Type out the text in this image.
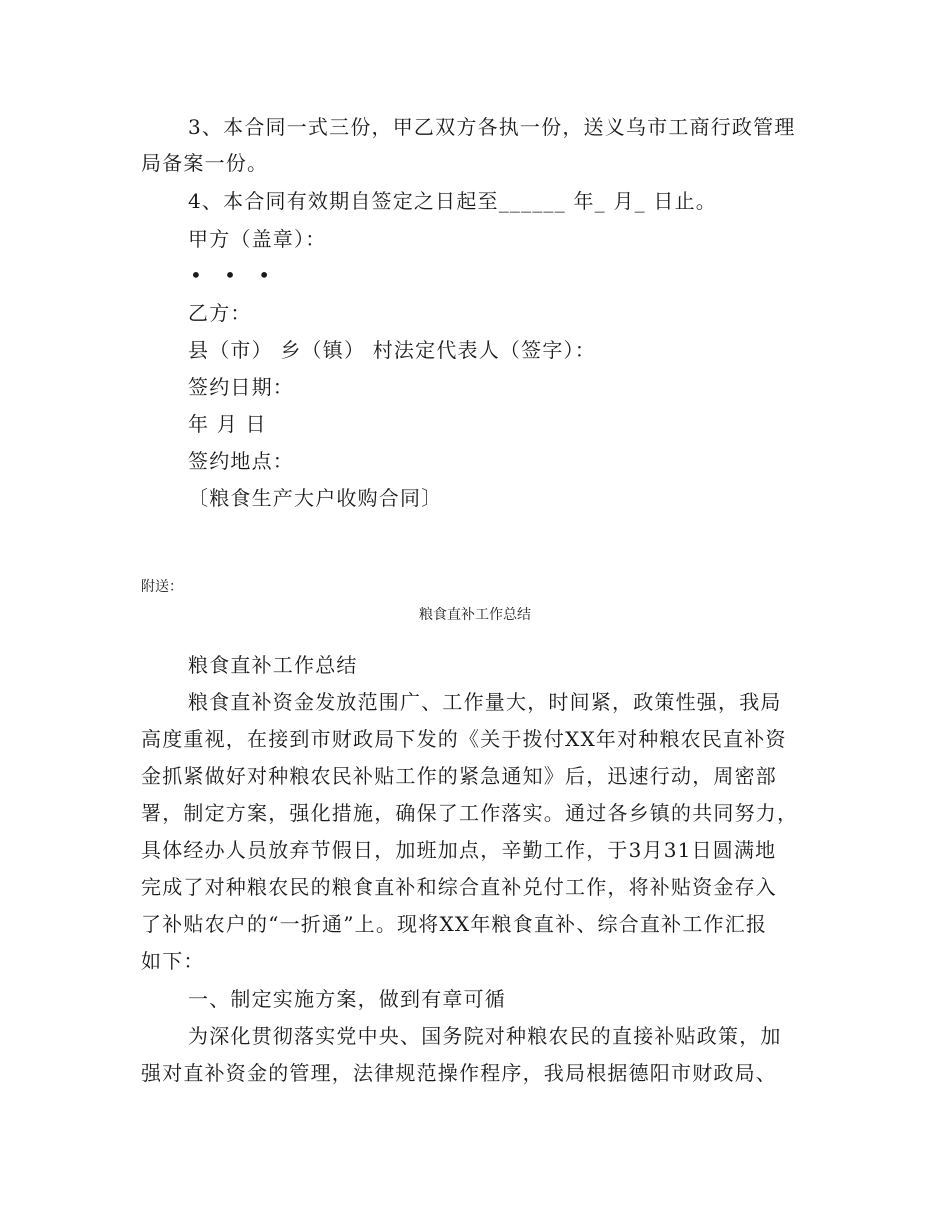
3、本合同一式三份，甲乙双方各执一份，送义乌市工商行政管理
局备案一份。
4、本合同有效期自签定之日起至______ 年_ 月_ 日止。
甲方（盖章）：
• • •
乙方：
县（市） 乡（镇） 村法定代表人（签字）：
签约日期：
年 月 日
签约地点：
〔粮食生产大户收购合同〕
附送：
粮食直补工作总结
粮食直补工作总结
粮食直补资金发放范围广、工作量大，时间紧，政策性强，我局
高度重视，在接到市财政局下发的《关于拨付XX年对种粮农民直补资
金抓紧做好对种粮农民补贴工作的紧急通知》后，迅速行动，周密部
署，制定方案，强化措施，确保了工作落实。通过各乡镇的共同努力，
具体经办人员放弃节假日，加班加点，辛勤工作，于3月31日圆满地
完成了对种粮农民的粮食直补和综合直补兑付工作，将补贴资金存入
了补贴农户的“一折通”上。现将XX年粮食直补、综合直补工作汇报
如下：
一、制定实施方案，做到有章可循
为深化贯彻落实党中央、国务院对种粮农民的直接补贴政策，加
强对直补资金的管理，法律规范操作程序，我局根据德阳市财政局、
